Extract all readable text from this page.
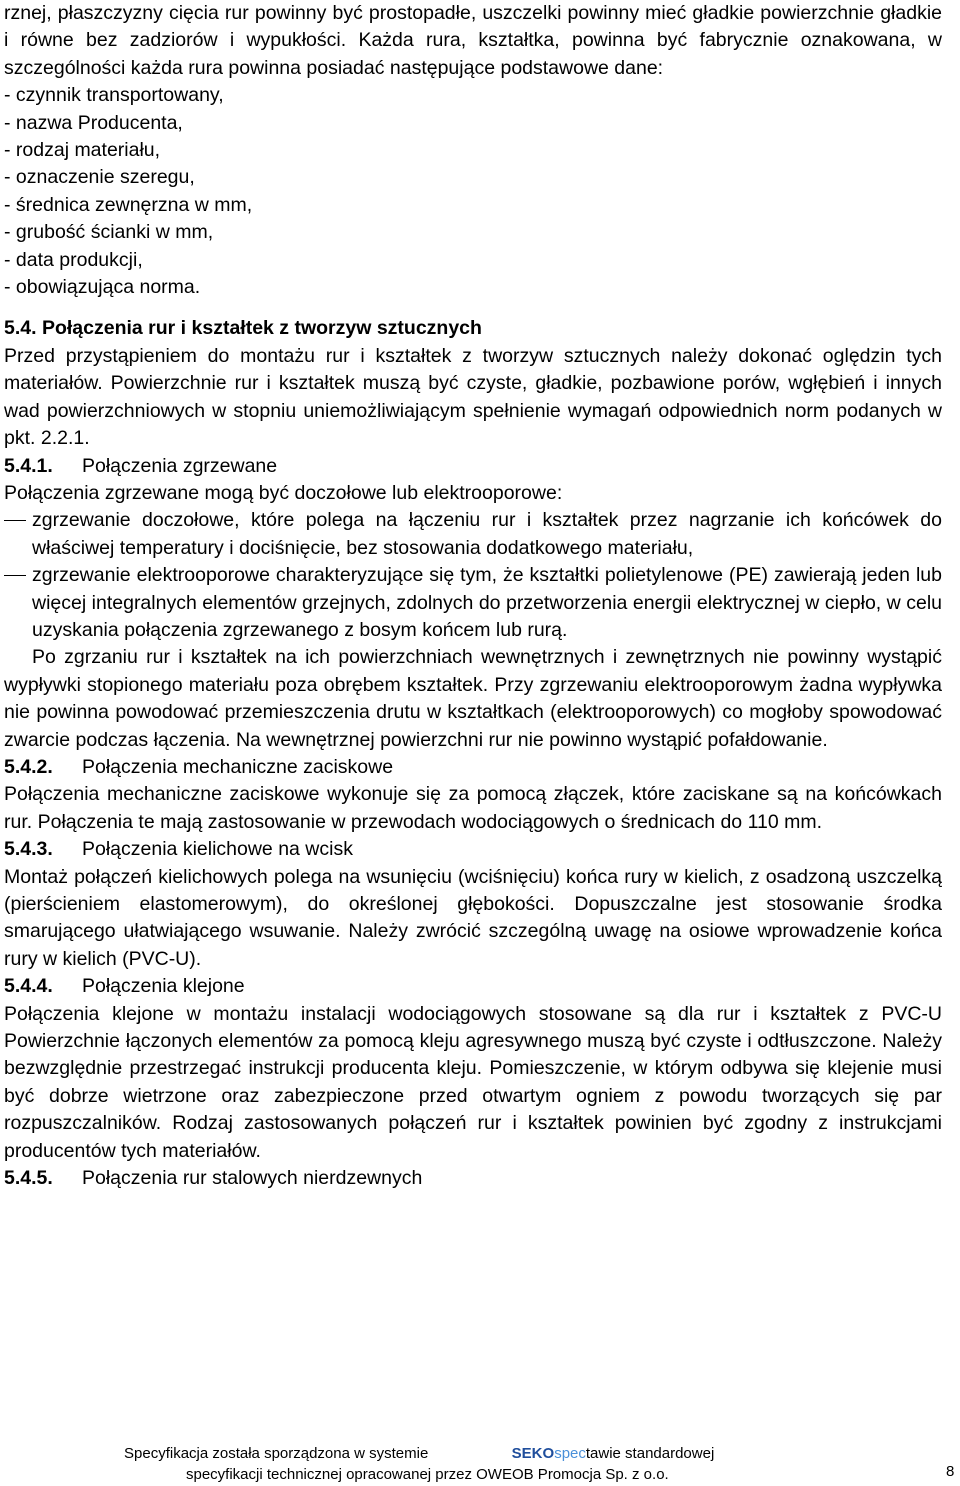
rznej, płaszczyzny cięcia rur powinny być prostopadłe, uszczelki powinny mieć gładkie powierzchnie gładkie i równe bez zadziorów i wypukłości. Każda rura, kształtka, powinna być fabrycznie oznakowana, w szczególności każda rura powinna posiadać następujące podstawowe dane:

- czynnik transportowany,

- nazwa Producenta,

- rodzaj materiału,

- oznaczenie szeregu,

- średnica zewnęrzna w mm,

- grubość ścianki w mm,

- data produkcji,

- obowiązująca norma.

5.4. Połączenia rur i kształtek z tworzyw sztucznych

Przed przystąpieniem do montażu rur i kształtek z tworzyw sztucznych należy dokonać oględzin tych materiałów. Powierzchnie rur i kształtek muszą być czyste, gładkie, pozbawione porów, wgłębień i innych wad powierzchniowych w stopniu uniemożliwiającym spełnienie wymagań odpowiednich norm podanych w pkt. 2.2.1.

5.4.1. Połączenia zgrzewane

Połączenia zgrzewane mogą być doczołowe lub elektrooporowe:

zgrzewanie doczołowe, które polega na łączeniu rur i kształtek przez nagrzanie ich końcówek do właściwej temperatury i dociśnięcie, bez stosowania dodatkowego materiału,
zgrzewanie elektrooporowe charakteryzujące się tym, że kształtki polietylenowe (PE) zawierają jeden lub więcej integralnych elementów grzejnych, zdolnych do przetworzenia energii elektrycznej w ciepło, w celu uzyskania połączenia zgrzewanego z bosym końcem lub rurą.

Po zgrzaniu rur i kształtek na ich powierzchniach wewnętrznych i zewnętrznych nie powinny wystąpić wypływki stopionego materiału poza obrębem kształtek. Przy zgrzewaniu elektrooporowym żadna wypływka nie powinna powodować przemieszczenia drutu w kształtkach (elektrooporowych) co mogłoby spowodować zwarcie podczas łączenia. Na wewnętrznej powierzchni rur nie powinno wystąpić pofałdowanie.

5.4.2. Połączenia mechaniczne zaciskowe

Połączenia mechaniczne zaciskowe wykonuje się za pomocą złączek, które zaciskane są na końcówkach rur. Połączenia te mają zastosowanie w przewodach wodociągowych o średnicach do 110 mm.

5.4.3. Połączenia kielichowe na wcisk

Montaż połączeń kielichowych polega na wsunięciu (wciśnięciu) końca rury w kielich, z osadzoną uszczelką (pierścieniem elastomerowym), do określonej głębokości. Dopuszczalne jest stosowanie środka smarującego ułatwiającego wsuwanie. Należy zwrócić szczególną uwagę na osiowe wprowadzenie końca rury w kielich (PVC-U).

5.4.4. Połączenia klejone

Połączenia klejone w montażu instalacji wodociągowych stosowane są dla rur i kształtek z PVC-U Powierzchnie łączonych elementów za pomocą kleju agresywnego muszą być czyste i odtłuszczone. Należy bezwzględnie przestrzegać instrukcji producenta kleju. Pomieszczenie, w którym odbywa się klejenie musi być dobrze wietrzone oraz zabezpieczone przed otwartym ogniem z powodu tworzących się par rozpuszczalników. Rodzaj zastosowanych połączeń rur i kształtek powinien być zgodny z instrukcjami producentów tych materiałów.

5.4.5. Połączenia rur stalowych nierdzewnych

Specyfikacja została sporządzona w systemie	SEKOspectawie standardowej
specyfikacji technicznej opracowanej przez OWEOB Promocja Sp. z o.o.	8
